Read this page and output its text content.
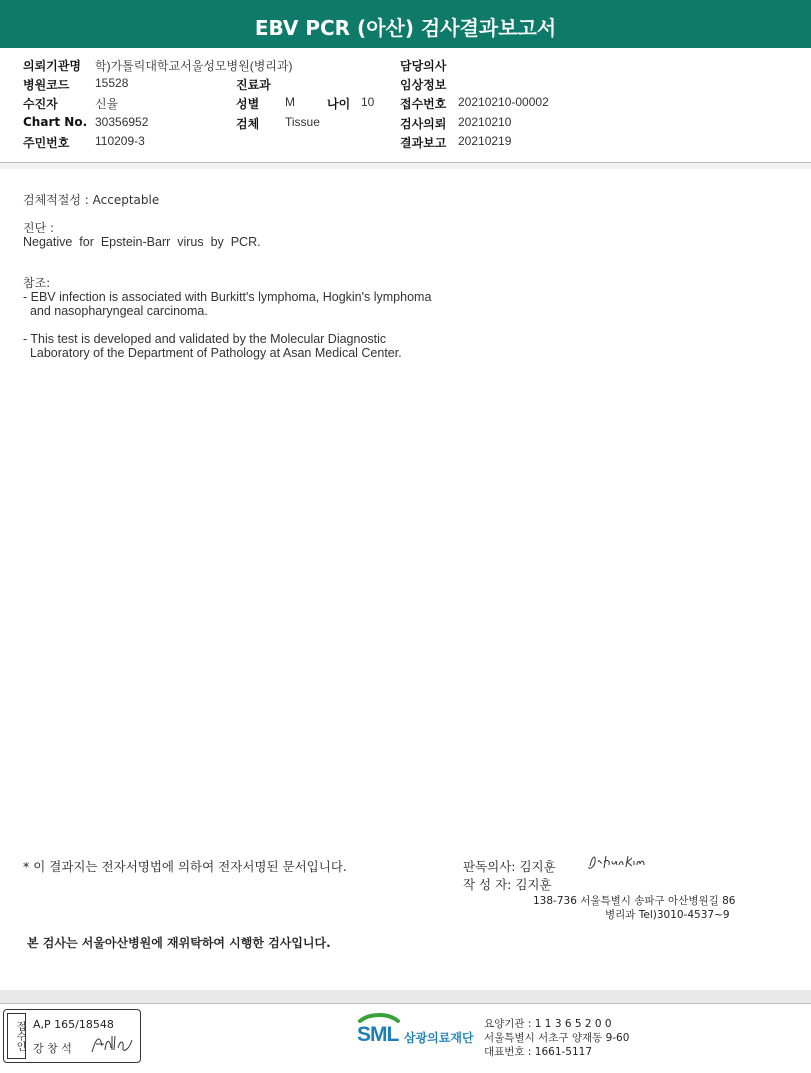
EBV PCR (아산) 검사결과보고서
의뢰기관명 학)가톨릭대학교서울성모병원(병리과)
병원코드 15528
수진자	신율
Chart No. 30356952
주민번호 110209-3
진료과
성별 M	나이 10
검체 Tissue
담당의사
임상정보
접수번호 20210210-00002
검사의뢰 20210210
결과보고 20210219
검체적절성 : Acceptable
진단 :
Negative  for  Epstein-Barr  virus  by  PCR.
참조:
- EBV infection is associated with Burkitt's lymphoma, Hogkin's lymphoma
and nasopharyngeal carcinoma.
- This test is developed and validated by the Molecular Diagnostic
Laboratory of the Department of Pathology at Asan Medical Center.
* 이 결과지는 전자서명법에 의하여 전자서명된 문서입니다.	판독의사: 김지훈
작 성 자: 김지훈
138-736 서울특별시 송파구 아산병원길 86
병리과 Tel)3010-4537~9
본 검사는 서울아산병원에 재위탁하여 시행한 검사입니다.
접수인 A,P 165/18548
강 창 석
SML 삼광의료재단
요양기관 : 1 1 3 6 5 2 0 0
서울특별시 서초구 양재동 9-60
대표번호 : 1661-5117
